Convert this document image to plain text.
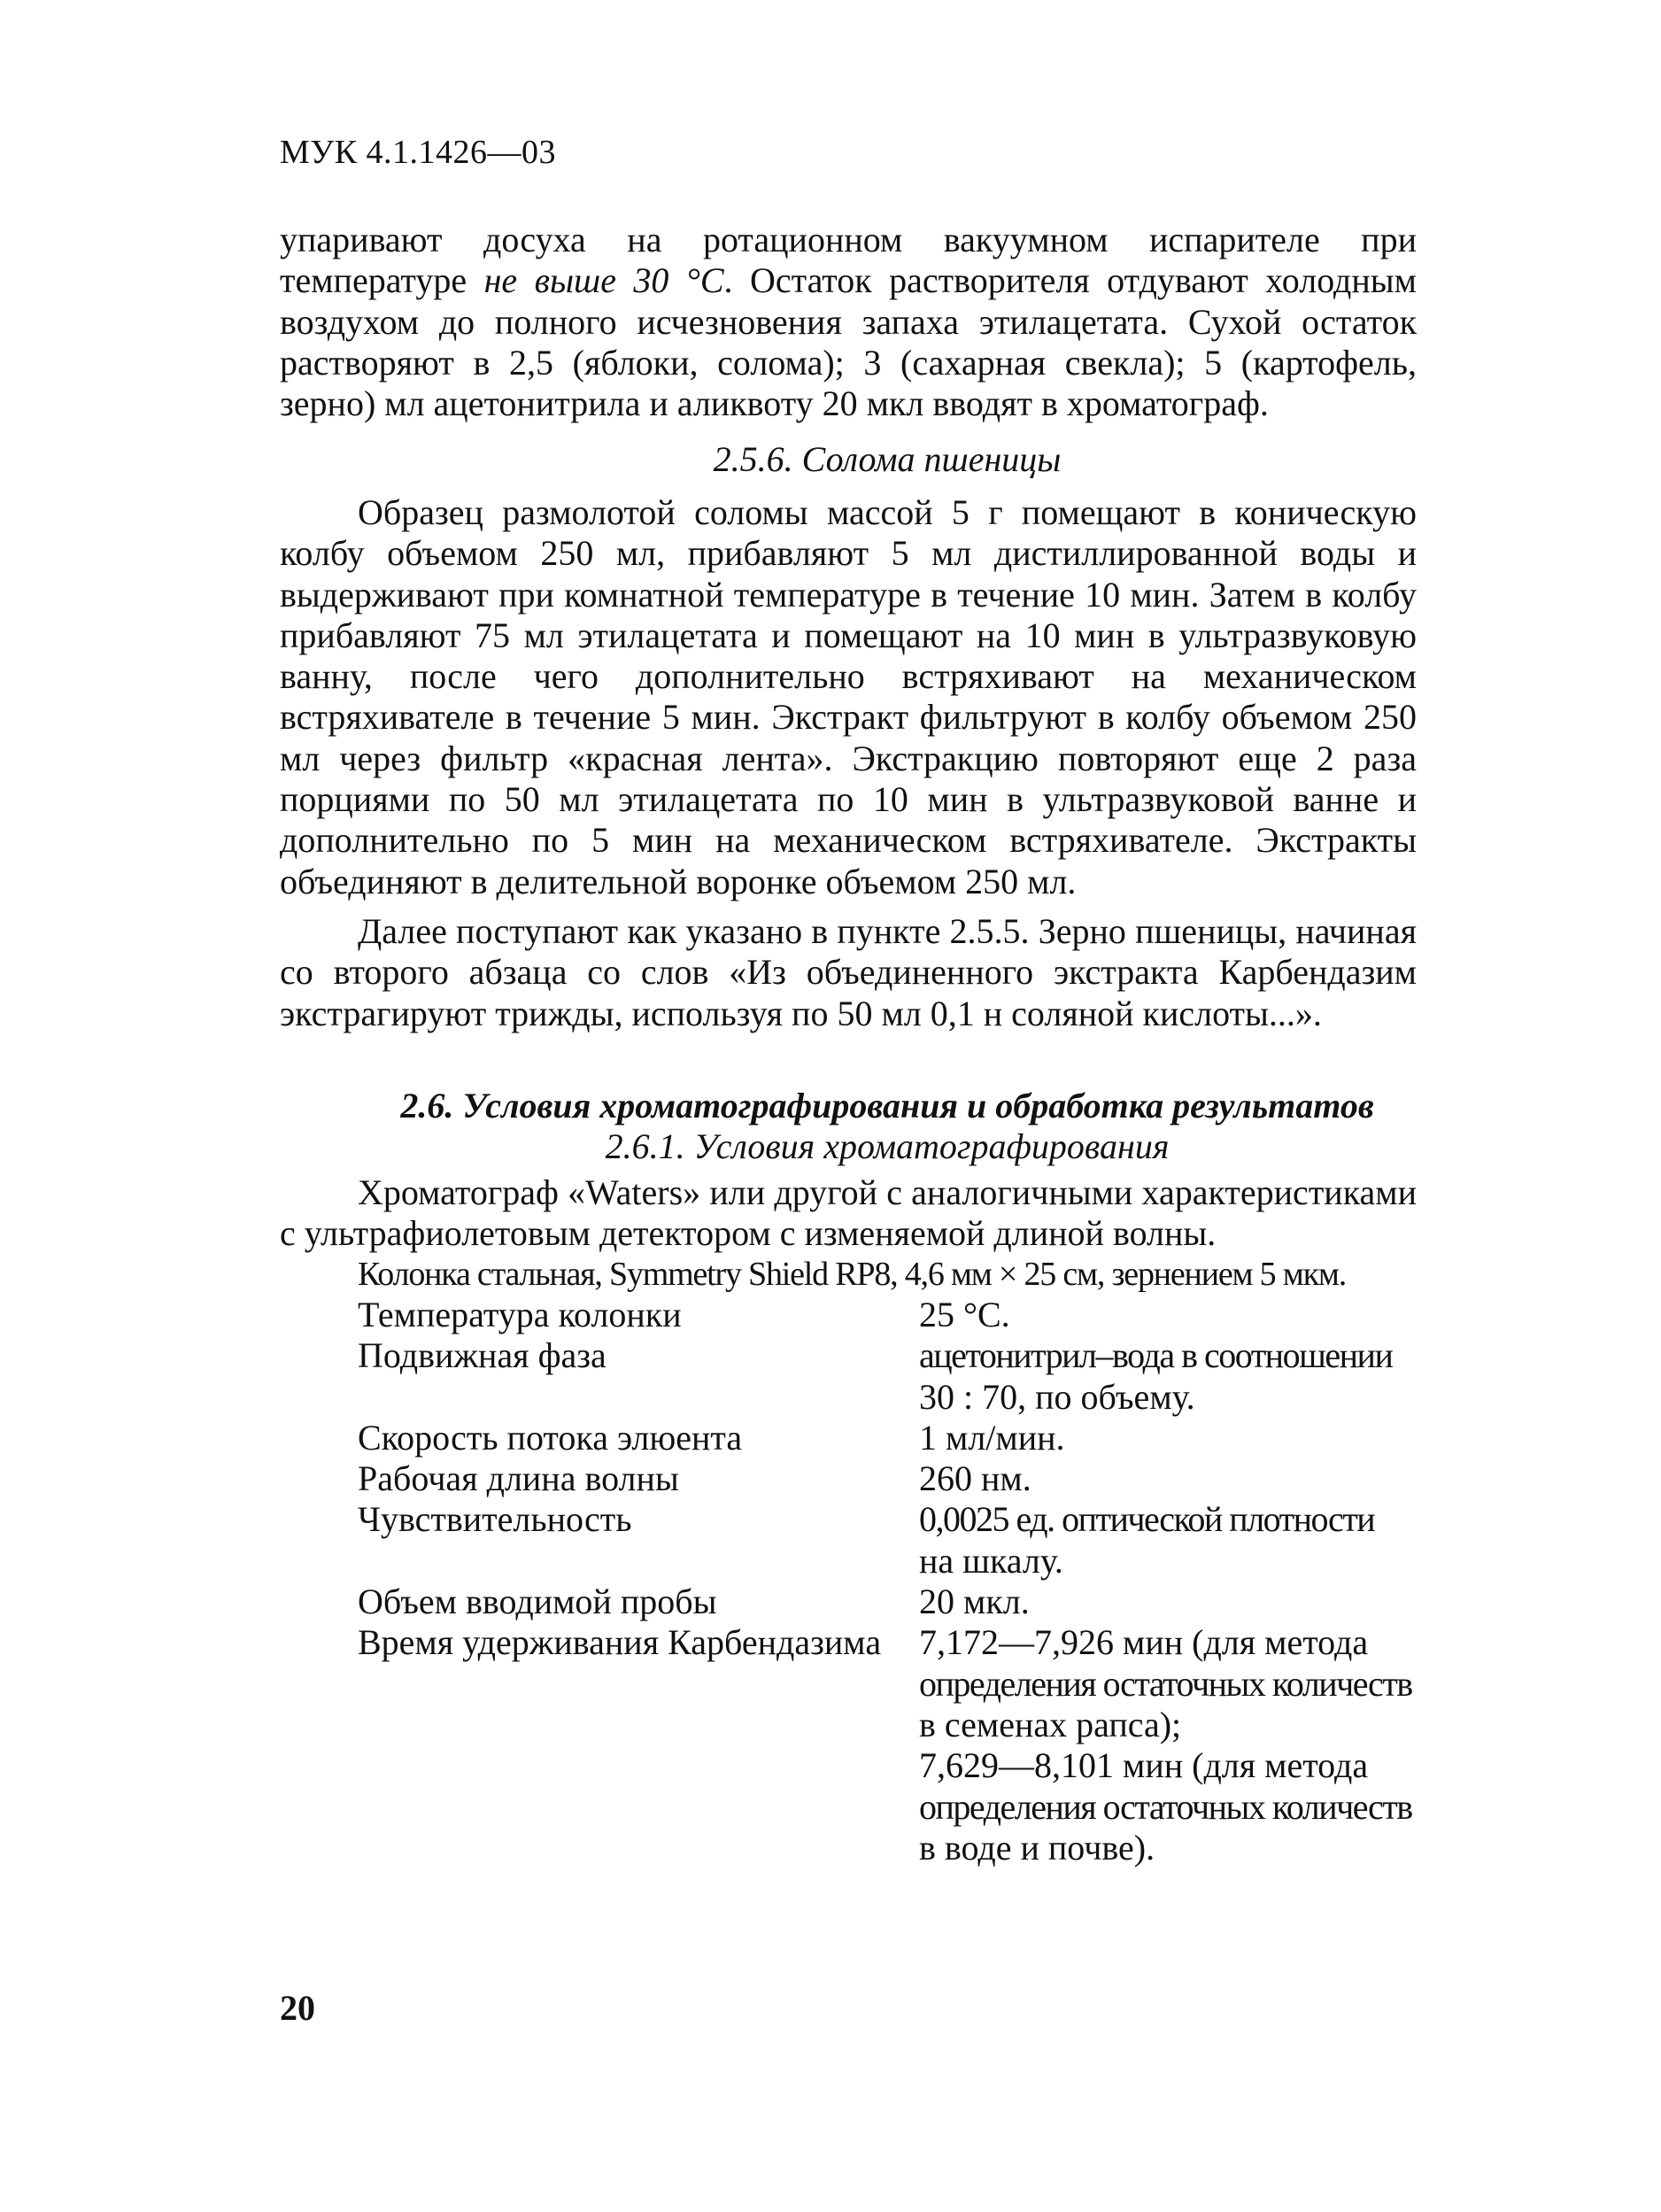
МУК 4.1.1426—03

упаривают досуха на ротационном вакуумном испарителе при температуре не выше 30 °С. Остаток растворителя отдувают холодным воздухом до полного исчезновения запаха этилацетата. Сухой остаток растворяют в 2,5 (яблоки, солома); 3 (сахарная свекла); 5 (картофель, зерно) мл ацетонитрила и аликвоту 20 мкл вводят в хроматограф.

2.5.6. Солома пшеницы

Образец размолотой соломы массой 5 г помещают в коническую колбу объемом 250 мл, прибавляют 5 мл дистиллированной воды и выдерживают при комнатной температуре в течение 10 мин. Затем в колбу прибавляют 75 мл этилацетата и помещают на 10 мин в ультразвуковую ванну, после чего дополнительно встряхивают на механическом встряхивателе в течение 5 мин. Экстракт фильтруют в колбу объемом 250 мл через фильтр «красная лента». Экстракцию повторяют еще 2 раза порциями по 50 мл этилацетата по 10 мин в ультразвуковой ванне и дополнительно по 5 мин на механическом встряхивателе. Экстракты объединяют в делительной воронке объемом 250 мл.

Далее поступают как указано в пункте 2.5.5. Зерно пшеницы, начиная со второго абзаца со слов «Из объединенного экстракта Карбендазим экстрагируют трижды, используя по 50 мл 0,1 н соляной кислоты...».

2.6. Условия хроматографирования и обработка результатов

2.6.1. Условия хроматографирования

Хроматограф «Waters» или другой с аналогичными характеристиками с ультрафиолетовым детектором с изменяемой длиной волны.

Колонка стальная, Symmetry Shield RP8, 4,6 мм × 25 см, зернением 5 мкм.
Температура колонки	25 °С.
Подвижная фаза	ацетонитрил–вода в соотношении
30 : 70, по объему.
Скорость потока элюента	1 мл/мин.
Рабочая длина волны	260 нм.
Чувствительность	0,0025 ед. оптической плотности
на шкалу.
Объем вводимой пробы	20 мкл.
Время удерживания Карбендазима	7,172—7,926 мин (для метода
определения остаточных количеств
в семенах рапса);
7,629—8,101 мин (для метода
определения остаточных количеств
в воде и почве).
20
